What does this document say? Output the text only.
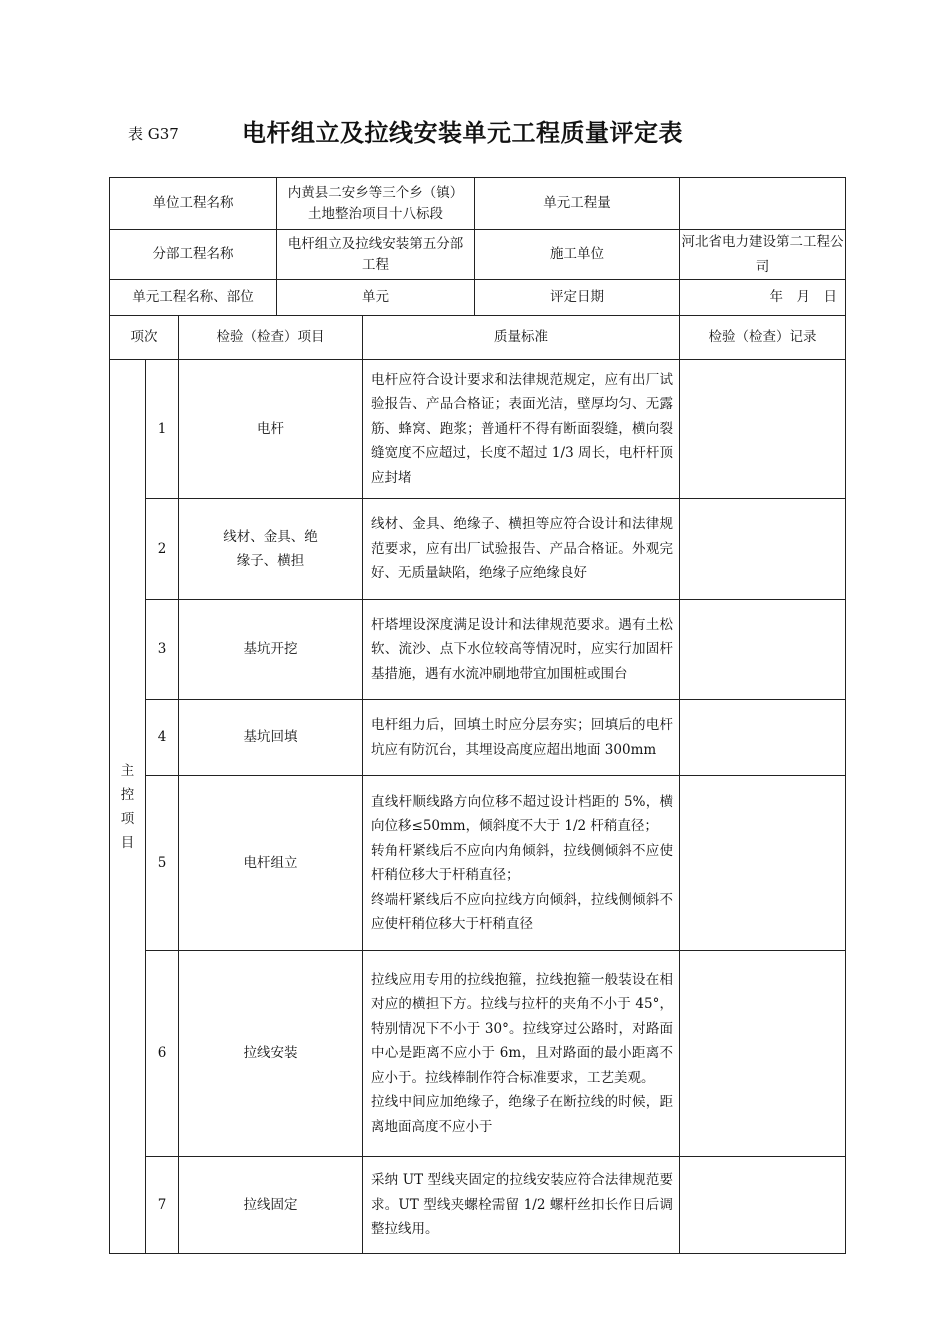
表 G37	电杆组立及拉线安装单元工程质量评定表
单位工程名称			内黄县二安乡等三个乡（镇）土地整治项目十八标段		单元工程量	
分部工程名称			电杆组立及拉线安装第五分部工程		施工单位	河北省电力建设第二工程公司
单元工程名称、部位			单元		评定日期	年　月　日
项次		检验（检查）项目		质量标准		检验（检查）记录
主控项目	1	电杆		电杆应符合设计要求和法律规范规定，应有出厂试验报告、产品合格证；表面光洁，壁厚均匀、无露筋、蜂窝、跑浆；普通杆不得有断面裂缝，横向裂缝宽度不应超过，长度不超过 1/3 周长，电杆杆顶应封堵		

	2	线材、金具、绝缘子、横担		线材、金具、绝缘子、横担等应符合设计和法律规范要求，应有出厂试验报告、产品合格证。外观完好、无质量缺陷，绝缘子应绝缘良好		

	3	基坑开挖		杆塔埋设深度满足设计和法律规范要求。遇有土松软、流沙、点下水位较高等情况时，应实行加固杆基措施，遇有水流冲刷地带宜加围桩或围台		

	4	基坑回填		电杆组力后，回填土时应分层夯实；回填后的电杆坑应有防沉台，其埋设高度应超出地面 300mm		

	5	电杆组立		直线杆顺线路方向位移不超过设计档距的 5%，横向位移≤50mm，倾斜度不大于 1/2 杆稍直径；

转角杆紧线后不应向内角倾斜，拉线侧倾斜不应使杆稍位移大于杆稍直径；

终端杆紧线后不应向拉线方向倾斜，拉线侧倾斜不应使杆稍位移大于杆稍直径		

	6	拉线安装		拉线应用专用的拉线抱箍，拉线抱箍一般装设在相对应的横担下方。拉线与拉杆的夹角不小于 45°，特别情况下不小于 30°。拉线穿过公路时，对路面中心是距离不应小于 6m，且对路面的最小距离不应小于。拉线棒制作符合标准要求，工艺美观。

拉线中间应加绝缘子，绝缘子在断拉线的时候，距离地面高度不应小于		

	7	拉线固定		采纳 UT 型线夹固定的拉线安装应符合法律规范要求。UT 型线夹螺栓需留 1/2 螺杆丝扣长作日后调整拉线用。		
